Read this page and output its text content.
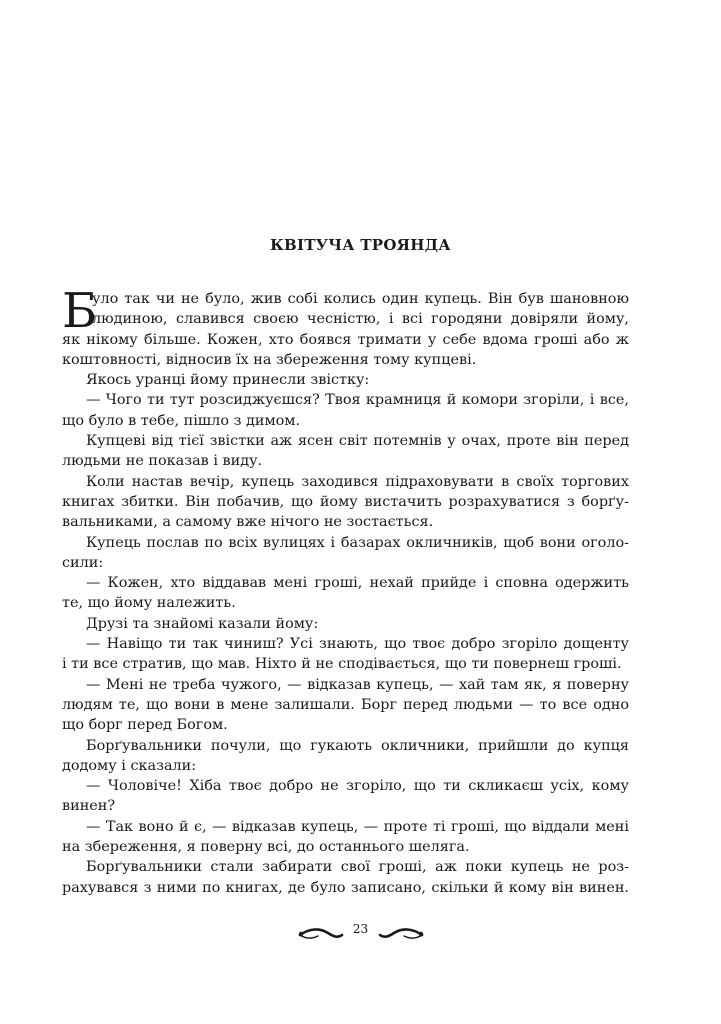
КВІТУЧА ТРОЯНДА
Б
уло так чи не було, жив собі колись один купець. Він був шановною
людиною, славився своєю чесністю, і всі городяни довіряли йому,
як нікому більше. Кожен, хто боявся тримати у себе вдома гроші або ж
коштовності, відносив їх на збереження тому купцеві.
Якось уранці йому принесли звістку:
— Чого ти тут розсиджуєшся? Твоя крамниця й комори згоріли, і все,
що було в тебе, пішло з димом.
Купцеві від тієї звістки аж ясен світ потемнів у очах, проте він перед
людьми не показав і виду.
Коли настав вечір, купець заходився підраховувати в своїх торгових
книгах збитки. Він побачив, що йому вистачить розрахуватися з борґу-
вальниками, а самому вже нічого не зостається.
Купець послав по всіх вулицях і базарах окличників, щоб вони оголо-
сили:
— Кожен, хто віддавав мені гроші, нехай прийде і сповна одержить
те, що йому належить.
Друзі та знайомі казали йому:
— Навіщо ти так чиниш? Усі знають, що твоє добро згоріло дощенту
і ти все стратив, що мав. Ніхто й не сподівається, що ти повернеш гроші.
— Мені не треба чужого, — відказав купець, — хай там як, я поверну
людям те, що вони в мене залишали. Борг перед людьми — то все одно
що борг перед Богом.
Борґувальники почули, що гукають окличники, прийшли до купця
додому і сказали:
— Чоловіче! Хіба твоє добро не згоріло, що ти скликаєш усіх, кому
винен?
— Так воно й є, — відказав купець, — проте ті гроші, що віддали мені
на збереження, я поверну всі, до останнього шеляга.
Борґувальники стали забирати свої гроші, аж поки купець не роз-
рахувався з ними по книгах, де було записано, скільки й кому він винен.
23
